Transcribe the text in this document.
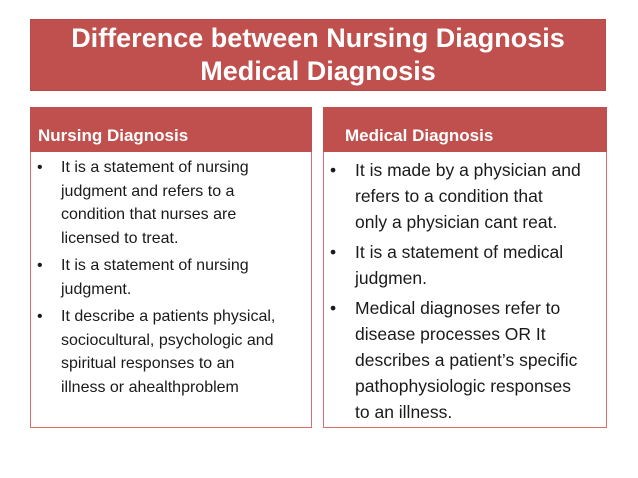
Difference between Nursing Diagnosis
Medical Diagnosis
Nursing Diagnosis	Medical Diagnosis
• It is a statement of nursing
judgment and refers to a
condition that nurses are
licensed to treat.
• It is a statement of nursing
judgment.
• It describe a patients physical,
sociocultural, psychologic and
spiritual responses to an
illness or ahealthproblem
• It is made by a physician and
refers to a condition that
only a physician cant reat.
• It is a statement of medical
judgmen.
• Medical diagnoses refer to
disease processes OR It
describes a patient’s specific
pathophysiologic responses
to an illness.
